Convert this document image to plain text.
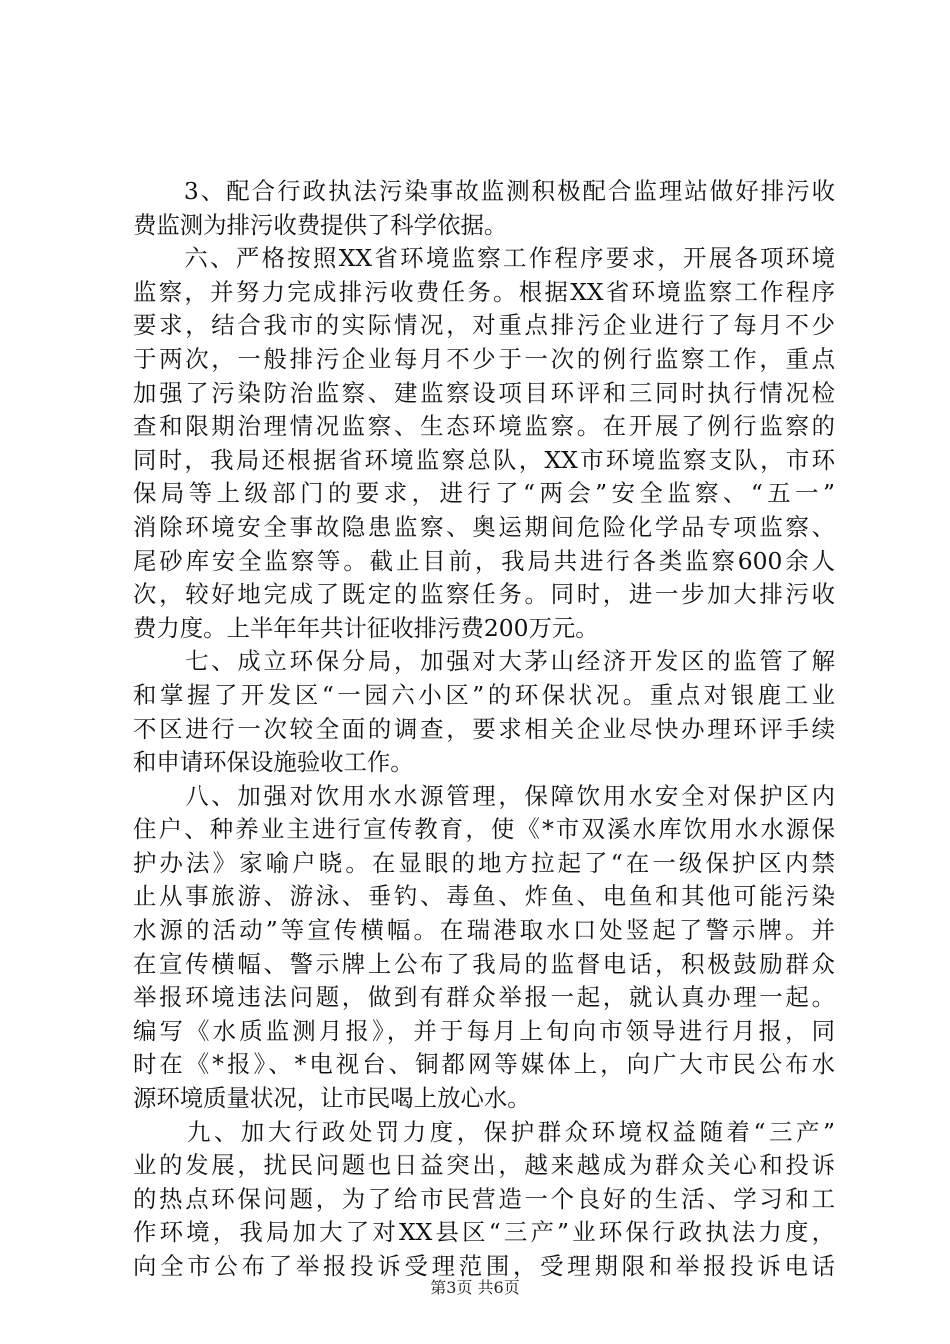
　　3、配合行政执法污染事故监测积极配合监理站做好排污收
费监测为排污收费提供了科学依据。
　　六、严格按照XX省环境监察工作程序要求，开展各项环境
监察，并努力完成排污收费任务。根据XX省环境监察工作程序
要求，结合我市的实际情况，对重点排污企业进行了每月不少
于两次，一般排污企业每月不少于一次的例行监察工作，重点
加强了污染防治监察、建监察设项目环评和三同时执行情况检
查和限期治理情况监察、生态环境监察。在开展了例行监察的
同时，我局还根据省环境监察总队，XX市环境监察支队，市环
保局等上级部门的要求，进行了“两会”安全监察、“五一”
消除环境安全事故隐患监察、奥运期间危险化学品专项监察、
尾砂库安全监察等。截止目前，我局共进行各类监察600余人
次，较好地完成了既定的监察任务。同时，进一步加大排污收
费力度。上半年年共计征收排污费200万元。
　　七、成立环保分局，加强对大茅山经济开发区的监管了解
和掌握了开发区“一园六小区”的环保状况。重点对银鹿工业
不区进行一次较全面的调查，要求相关企业尽快办理环评手续
和申请环保设施验收工作。
　　八、加强对饮用水水源管理，保障饮用水安全对保护区内
住户、种养业主进行宣传教育，使《*市双溪水库饮用水水源保
护办法》家喻户晓。在显眼的地方拉起了“在一级保护区内禁
止从事旅游、游泳、垂钓、毒鱼、炸鱼、电鱼和其他可能污染
水源的活动”等宣传横幅。在瑞港取水口处竖起了警示牌。并
在宣传横幅、警示牌上公布了我局的监督电话，积极鼓励群众
举报环境违法问题，做到有群众举报一起，就认真办理一起。
编写《水质监测月报》，并于每月上旬向市领导进行月报，同
时在《*报》、*电视台、铜都网等媒体上，向广大市民公布水
源环境质量状况，让市民喝上放心水。
　　九、加大行政处罚力度，保护群众环境权益随着“三产”
业的发展，扰民问题也日益突出，越来越成为群众关心和投诉
的热点环保问题，为了给市民营造一个良好的生活、学习和工
作环境，我局加大了对XX县区“三产”业环保行政执法力度，
向全市公布了举报投诉受理范围，受理期限和举报投诉电话
第3页 共6页
